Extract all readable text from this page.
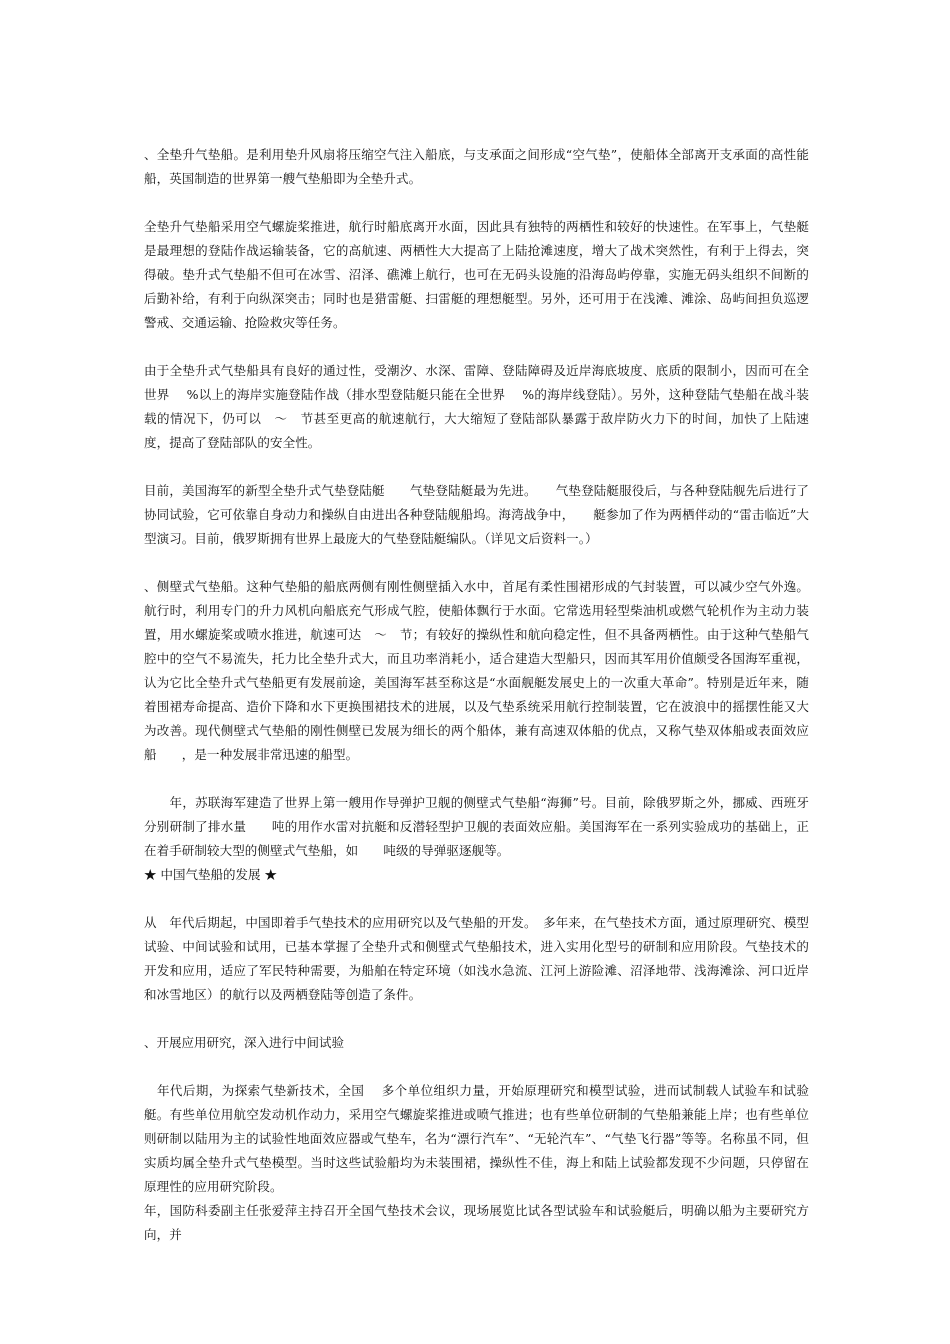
、全垫升气垫船。是利用垫升风扇将压缩空气注入船底，与支承面之间形成“空气垫”，使船体全部离开支承面的高性能船，英国制造的世界第一艘气垫船即为全垫升式。

全垫升气垫船采用空气螺旋桨推进，航行时船底离开水面，因此具有独特的两栖性和较好的快速性。在军事上，气垫艇是最理想的登陆作战运输装备，它的高航速、两栖性大大提高了上陆抢滩速度，增大了战术突然性，有利于上得去，突得破。垫升式气垫船不但可在冰雪、沼泽、礁滩上航行，也可在无码头设施的沿海岛屿停靠，实施无码头组织不间断的后勤补给，有利于向纵深突击；同时也是猎雷艇、扫雷艇的理想艇型。另外，还可用于在浅滩、滩涂、岛屿间担负巡逻警戒、交通运输、抢险救灾等任务。

由于全垫升式气垫船具有良好的通过性，受潮汐、水深、雷障、登陆障碍及近岸海底坡度、底质的限制小，因而可在全世界　 %以上的海岸实施登陆作战（排水型登陆艇只能在全世界　 %的海岸线登陆）。另外，这种登陆气垫船在战斗装载的情况下，仍可以　～　节甚至更高的航速航行，大大缩短了登陆部队暴露于敌岸防火力下的时间，加快了上陆速度，提高了登陆部队的安全性。

目前，美国海军的新型全垫升式气垫登陆艇　　气垫登陆艇最为先进。　　气垫登陆艇服役后，与各种登陆舰先后进行了协同试验，它可依靠自身动力和操纵自由进出各种登陆舰船坞。海湾战争中，　　艇参加了作为两栖伴动的“雷击临近”大型演习。目前，俄罗斯拥有世界上最庞大的气垫登陆艇编队。（详见文后资料一。）

、侧壁式气垫船。这种气垫船的船底两侧有刚性侧壁插入水中，首尾有柔性围裙形成的气封装置，可以减少空气外逸。航行时，利用专门的升力风机向船底充气形成气腔，使船体飘行于水面。它常选用轻型柴油机或燃气轮机作为主动力装置，用水螺旋桨或喷水推进，航速可达　～　节；有较好的操纵性和航向稳定性，但不具备两栖性。由于这种气垫船气腔中的空气不易流失，托力比全垫升式大，而且功率消耗小，适合建造大型船只，因而其军用价值颇受各国海军重视，认为它比全垫升式气垫船更有发展前途，美国海军甚至称这是“水面舰艇发展史上的一次重大革命”。特别是近年来，随着围裙寿命提高、造价下降和水下更换围裙技术的进展，以及气垫系统采用航行控制装置，它在波浪中的摇摆性能又大为改善。现代侧壁式气垫船的刚性侧壁已发展为细长的两个船体，兼有高速双体船的优点，又称气垫双体船或表面效应船　　，是一种发展非常迅速的船型。

　　年，苏联海军建造了世界上第一艘用作导弹护卫舰的侧壁式气垫船“海狮”号。目前，除俄罗斯之外，挪威、西班牙分别研制了排水量　　吨的用作水雷对抗艇和反潜轻型护卫舰的表面效应船。美国海军在一系列实验成功的基础上，正在着手研制较大型的侧壁式气垫船，如　　吨级的导弹驱逐舰等。

★ 中国气垫船的发展 ★

从　年代后期起，中国即着手气垫技术的应用研究以及气垫船的开发。　多年来，在气垫技术方面，通过原理研究、模型试验、中间试验和试用，已基本掌握了全垫升式和侧壁式气垫船技术，进入实用化型号的研制和应用阶段。气垫技术的开发和应用，适应了军民特种需要，为船舶在特定环境（如浅水急流、江河上游险滩、沼泽地带、浅海滩涂、河口近岸和冰雪地区）的航行以及两栖登陆等创造了条件。

、开展应用研究，深入进行中间试验

　年代后期，为探索气垫新技术，全国　 多个单位组织力量，开始原理研究和模型试验，进而试制载人试验车和试验艇。有些单位用航空发动机作动力，采用空气螺旋桨推进或喷气推进；也有些单位研制的气垫船兼能上岸；也有些单位则研制以陆用为主的试验性地面效应器或气垫车，名为“漂行汽车”、“无轮汽车”、“气垫飞行器”等等。名称虽不同，但实质均属全垫升式气垫模型。当时这些试验船均为未装围裙，操纵性不佳，海上和陆上试验都发现不少问题，只停留在原理性的应用研究阶段。

年，国防科委副主任张爱萍主持召开全国气垫技术会议，现场展览比试各型试验车和试验艇后，明确以船为主要研究方向，并
